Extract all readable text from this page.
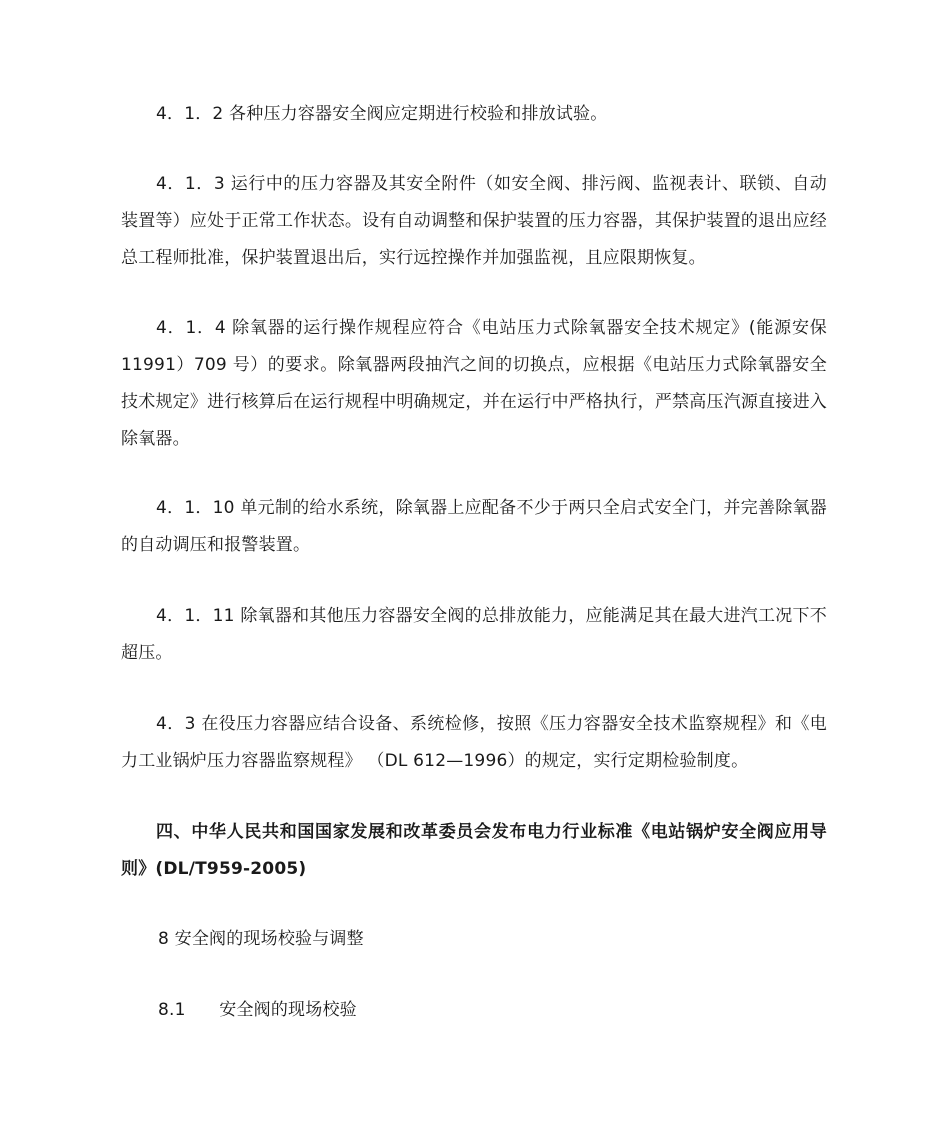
4．1．2 各种压力容器安全阀应定期进行校验和排放试验。

4．1．3 运行中的压力容器及其安全附件（如安全阀、排污阀、监视表计、联锁、自动装置等）应处于正常工作状态。设有自动调整和保护装置的压力容器，其保护装置的退出应经总工程师批准，保护装置退出后，实行远控操作并加强监视，且应限期恢复。

4．1．4 除氧器的运行操作规程应符合《电站压力式除氧器安全技术规定》(能源安保 11991）709 号）的要求。除氧器两段抽汽之间的切换点，应根据《电站压力式除氧器安全技术规定》进行核算后在运行规程中明确规定，并在运行中严格执行，严禁高压汽源直接进入除氧器。

4．1．10 单元制的给水系统，除氧器上应配备不少于两只全启式安全门，并完善除氧器的自动调压和报警装置。

4．1．11 除氧器和其他压力容器安全阀的总排放能力，应能满足其在最大进汽工况下不超压。

4．3 在役压力容器应结合设备、系统检修，按照《压力容器安全技术监察规程》和《电力工业锅炉压力容器监察规程》 （DL 612—1996）的规定，实行定期检验制度。

四、中华人民共和国国家发展和改革委员会发布电力行业标准《电站锅炉安全阀应用导则》(DL/T959-2005)

8 安全阀的现场校验与调整

8.1      安全阀的现场校验
